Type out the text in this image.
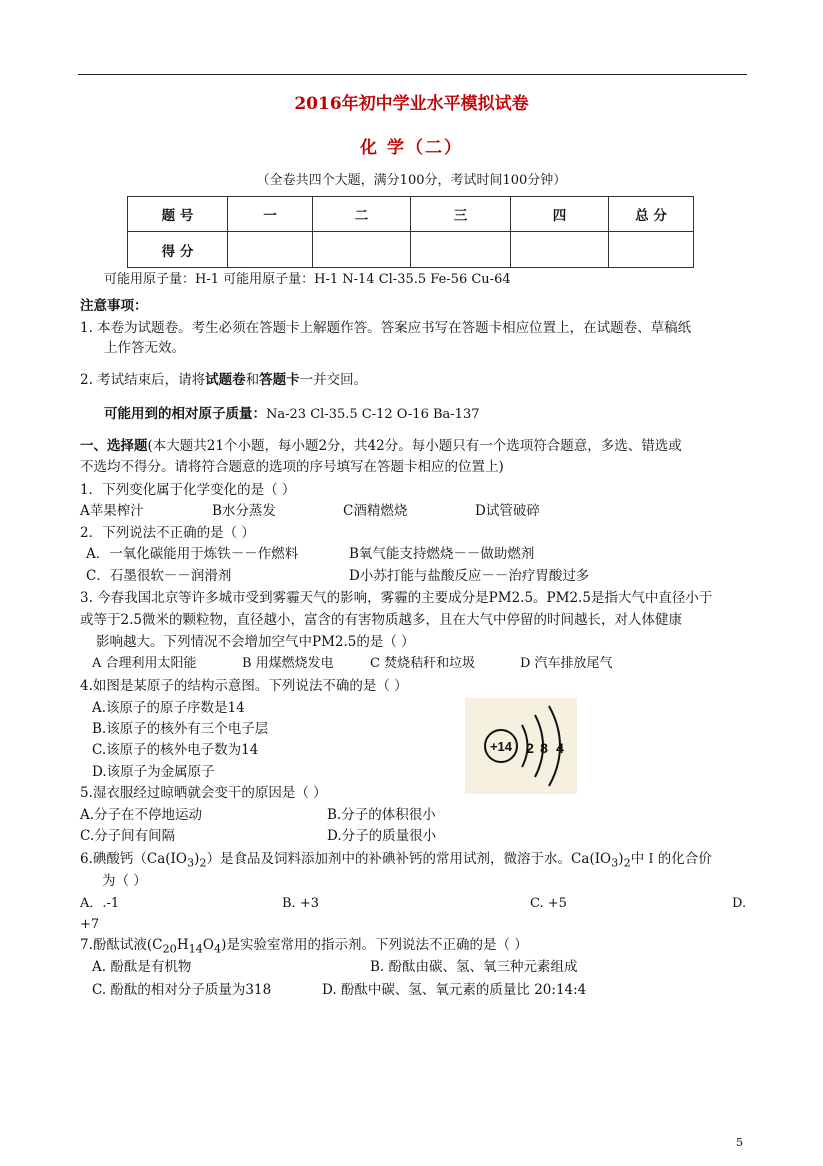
2016年初中学业水平模拟试卷
化 学（二）
（全卷共四个大题，满分100分，考试时间100分钟）
题 号	一	二	三	四	总 分
得 分					
可能用原子量：H-1 可能用原子量：H-1 N-14 Cl-35.5 Fe-56 Cu-64
注意事项：
1. 本卷为试题卷。考生必须在答题卡上解题作答。答案应书写在答题卡相应位置上，在试题卷、草稿纸
上作答无效。
2. 考试结束后，请将试题卷和答题卡一并交回。
可能用到的相对原子质量：Na-23 Cl-35.5 C-12 O-16 Ba-137
一、选择题(本大题共21个小题，每小题2分，共42分。每小题只有一个选项符合题意，多选、错选或
不选均不得分。请将符合题意的选项的序号填写在答题卡相应的位置上)
1．下列变化属于化学变化的是（ ）
A苹果榨汁	B水分蒸发	C酒精燃烧	D试管破碎
2．下列说法不正确的是（ ）
A．一氧化碳能用于炼铁－－作燃料	B氧气能支持燃烧－－做助燃剂
C．石墨很软－－润滑剂	D小苏打能与盐酸反应－－治疗胃酸过多
3. 今春我国北京等许多城市受到雾霾天气的影响，雾霾的主要成分是PM2.5。PM2.5是指大气中直径小于
或等于2.5微米的颗粒物，直径越小，富含的有害物质越多，且在大气中停留的时间越长，对人体健康
影响越大。下列情况不会增加空气中PM2.5的是（ ）
A 合理利用太阳能	B 用煤燃烧发电	C 焚烧秸秆和垃圾	D 汽车排放尾气
4.如图是某原子的结构示意图。下列说法不确的是（ ）
A.该原子的原子序数是14
B.该原子的核外有三个电子层
C.该原子的核外电子数为14
D.该原子为金属原子
+14 2 8 4
5.湿衣服经过晾晒就会变干的原因是（ ）
A.分子在不停地运动	B.分子的体积很小
C.分子间有间隔	D.分子的质量很小
6.碘酸钙$(Ca(IO_3)_2)$是食品及饲料添加剂中的补碘补钙的常用试剂，微溶于水。$Ca(IO_3)_2$中Ｉ的化合价
为（ ）
A．.-1	B. +3	C. +5	D.
+7
7.酚酞试液$(C_{20}H_{14}O_4)$是实验室常用的指示剂。下列说法不正确的是（ ）
A. 酚酞是有机物	B. 酚酞由碳、氢、氧三种元素组成
C. 酚酞的相对分子质量为318	D. 酚酞中碳、氢、氧元素的质量比 20:14:4
5
